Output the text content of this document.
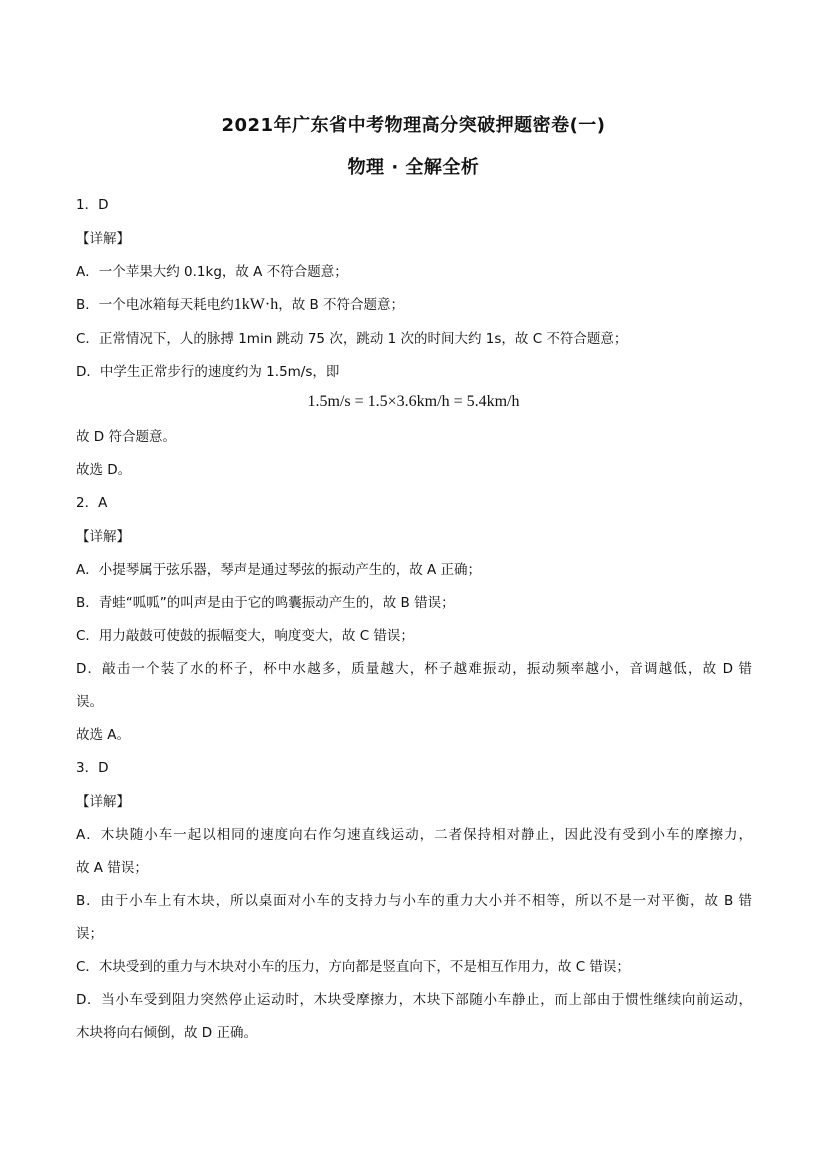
2021年广东省中考物理高分突破押题密卷(一)
物理 · 全解全析
1．D
【详解】
A．一个苹果大约 0.1kg，故 A 不符合题意；
B．一个电冰箱每天耗电约1kW·h，故 B 不符合题意；
C．正常情况下，人的脉搏 1min 跳动 75 次，跳动 1 次的时间大约 1s，故 C 不符合题意；
D．中学生正常步行的速度约为 1.5m/s，即
1.5m/s = 1.5×3.6km/h = 5.4km/h
故 D 符合题意。
故选 D。
2．A
【详解】
A．小提琴属于弦乐器，琴声是通过琴弦的振动产生的，故 A 正确；
B．青蛙“呱呱”的叫声是由于它的鸣囊振动产生的，故 B 错误；
C．用力敲鼓可使鼓的振幅变大，响度变大，故 C 错误；
D．敲击一个装了水的杯子，杯中水越多，质量越大，杯子越难振动，振动频率越小，音调越低，故 D 错
误。
故选 A。
3．D
【详解】
A．木块随小车一起以相同的速度向右作匀速直线运动，二者保持相对静止，因此没有受到小车的摩擦力，
故 A 错误；
B．由于小车上有木块，所以桌面对小车的支持力与小车的重力大小并不相等，所以不是一对平衡，故 B 错
误；
C．木块受到的重力与木块对小车的压力，方向都是竖直向下，不是相互作用力，故 C 错误；
D．当小车受到阻力突然停止运动时，木块受摩擦力，木块下部随小车静止，而上部由于惯性继续向前运动，
木块将向右倾倒，故 D 正确。
